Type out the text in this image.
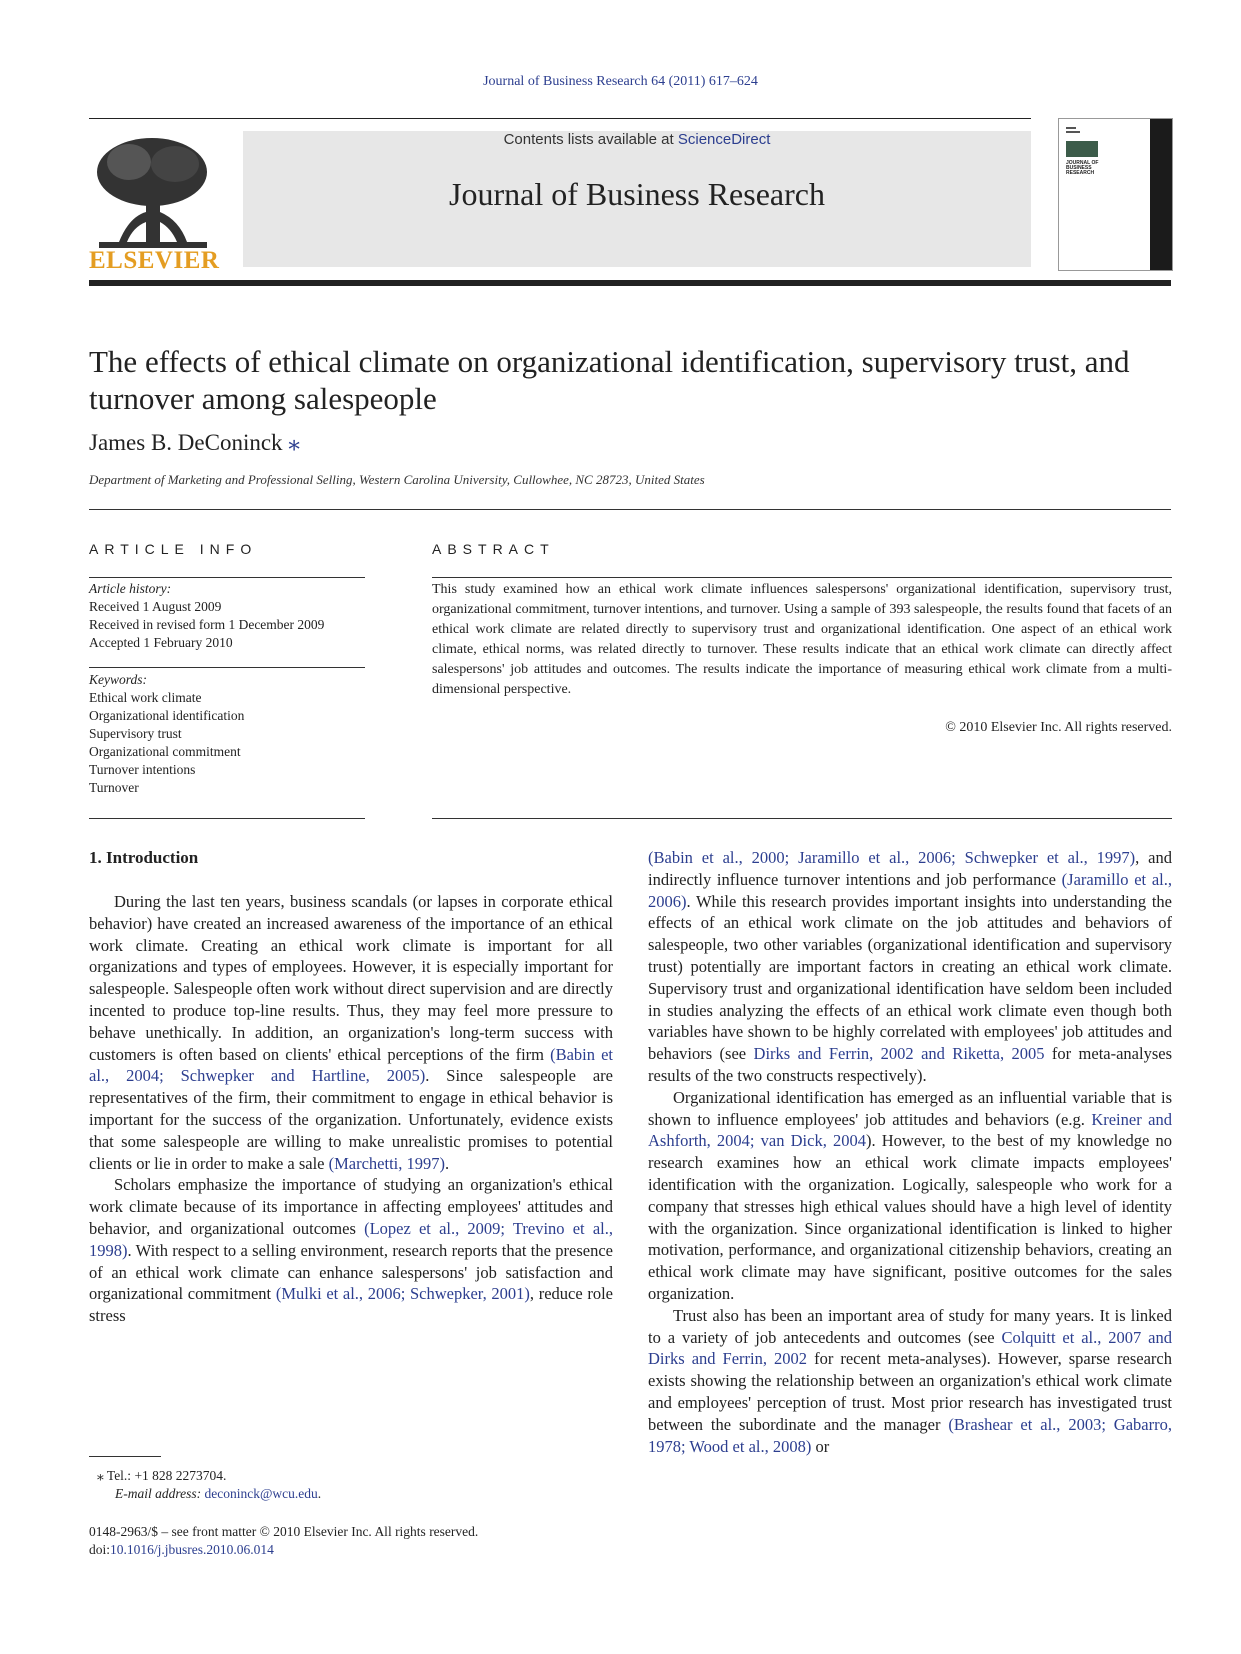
Journal of Business Research 64 (2011) 617–624
ELSEVIER
Contents lists available at ScienceDirect
Journal of Business Research
JOURNAL OF BUSINESS RESEARCH
The effects of ethical climate on organizational identification, supervisory trust, and turnover among salespeople
James B. DeConinck ⁎
Department of Marketing and Professional Selling, Western Carolina University, Cullowhee, NC 28723, United States
ARTICLE INFO	ABSTRACT
Article history:
Received 1 August 2009
Received in revised form 1 December 2009
Accepted 1 February 2010
Keywords:
Ethical work climate
Organizational identification
Supervisory trust
Organizational commitment
Turnover intentions
Turnover

This study examined how an ethical work climate influences salespersons' organizational identification, supervisory trust, organizational commitment, turnover intentions, and turnover. Using a sample of 393 salespeople, the results found that facets of an ethical work climate are related directly to supervisory trust and organizational identification. One aspect of an ethical work climate, ethical norms, was related directly to turnover. These results indicate that an ethical work climate can directly affect salespersons' job attitudes and outcomes. The results indicate the importance of measuring ethical work climate from a multi-dimensional perspective.

© 2010 Elsevier Inc. All rights reserved.
1. Introduction

During the last ten years, business scandals (or lapses in corporate ethical behavior) have created an increased awareness of the importance of an ethical work climate. Creating an ethical work climate is important for all organizations and types of employees. However, it is especially important for salespeople. Salespeople often work without direct supervision and are directly incented to produce top-line results. Thus, they may feel more pressure to behave unethically. In addition, an organization's long-term success with customers is often based on clients' ethical perceptions of the firm (Babin et al., 2004; Schwepker and Hartline, 2005). Since salespeople are representatives of the firm, their commitment to engage in ethical behavior is important for the success of the organization. Unfortunately, evidence exists that some salespeople are willing to make unrealistic promises to potential clients or lie in order to make a sale (Marchetti, 1997).

Scholars emphasize the importance of studying an organization's ethical work climate because of its importance in affecting employees' attitudes and behavior, and organizational outcomes (Lopez et al., 2009; Trevino et al., 1998). With respect to a selling environment, research reports that the presence of an ethical work climate can enhance salespersons' job satisfaction and organizational commitment (Mulki et al., 2006; Schwepker, 2001), reduce role stress

(Babin et al., 2000; Jaramillo et al., 2006; Schwepker et al., 1997), and indirectly influence turnover intentions and job performance (Jaramillo et al., 2006). While this research provides important insights into understanding the effects of an ethical work climate on the job attitudes and behaviors of salespeople, two other variables (organizational identification and supervisory trust) potentially are important factors in creating an ethical work climate. Supervisory trust and organizational identification have seldom been included in studies analyzing the effects of an ethical work climate even though both variables have shown to be highly correlated with employees' job attitudes and behaviors (see Dirks and Ferrin, 2002 and Riketta, 2005 for meta-analyses results of the two constructs respectively).

Organizational identification has emerged as an influential variable that is shown to influence employees' job attitudes and behaviors (e.g. Kreiner and Ashforth, 2004; van Dick, 2004). However, to the best of my knowledge no research examines how an ethical work climate impacts employees' identification with the organization. Logically, salespeople who work for a company that stresses high ethical values should have a high level of identity with the organization. Since organizational identification is linked to higher motivation, performance, and organizational citizenship behaviors, creating an ethical work climate may have significant, positive outcomes for the sales organization.

Trust also has been an important area of study for many years. It is linked to a variety of job antecedents and outcomes (see Colquitt et al., 2007 and Dirks and Ferrin, 2002 for recent meta-analyses). However, sparse research exists showing the relationship between an organization's ethical work climate and employees' perception of trust. Most prior research has investigated trust between the subordinate and the manager (Brashear et al., 2003; Gabarro, 1978; Wood et al., 2008) or

⁎ Tel.: +1 828 2273704.
E-mail address: deconinck@wcu.edu.
0148-2963/$ – see front matter © 2010 Elsevier Inc. All rights reserved.
doi:10.1016/j.jbusres.2010.06.014
